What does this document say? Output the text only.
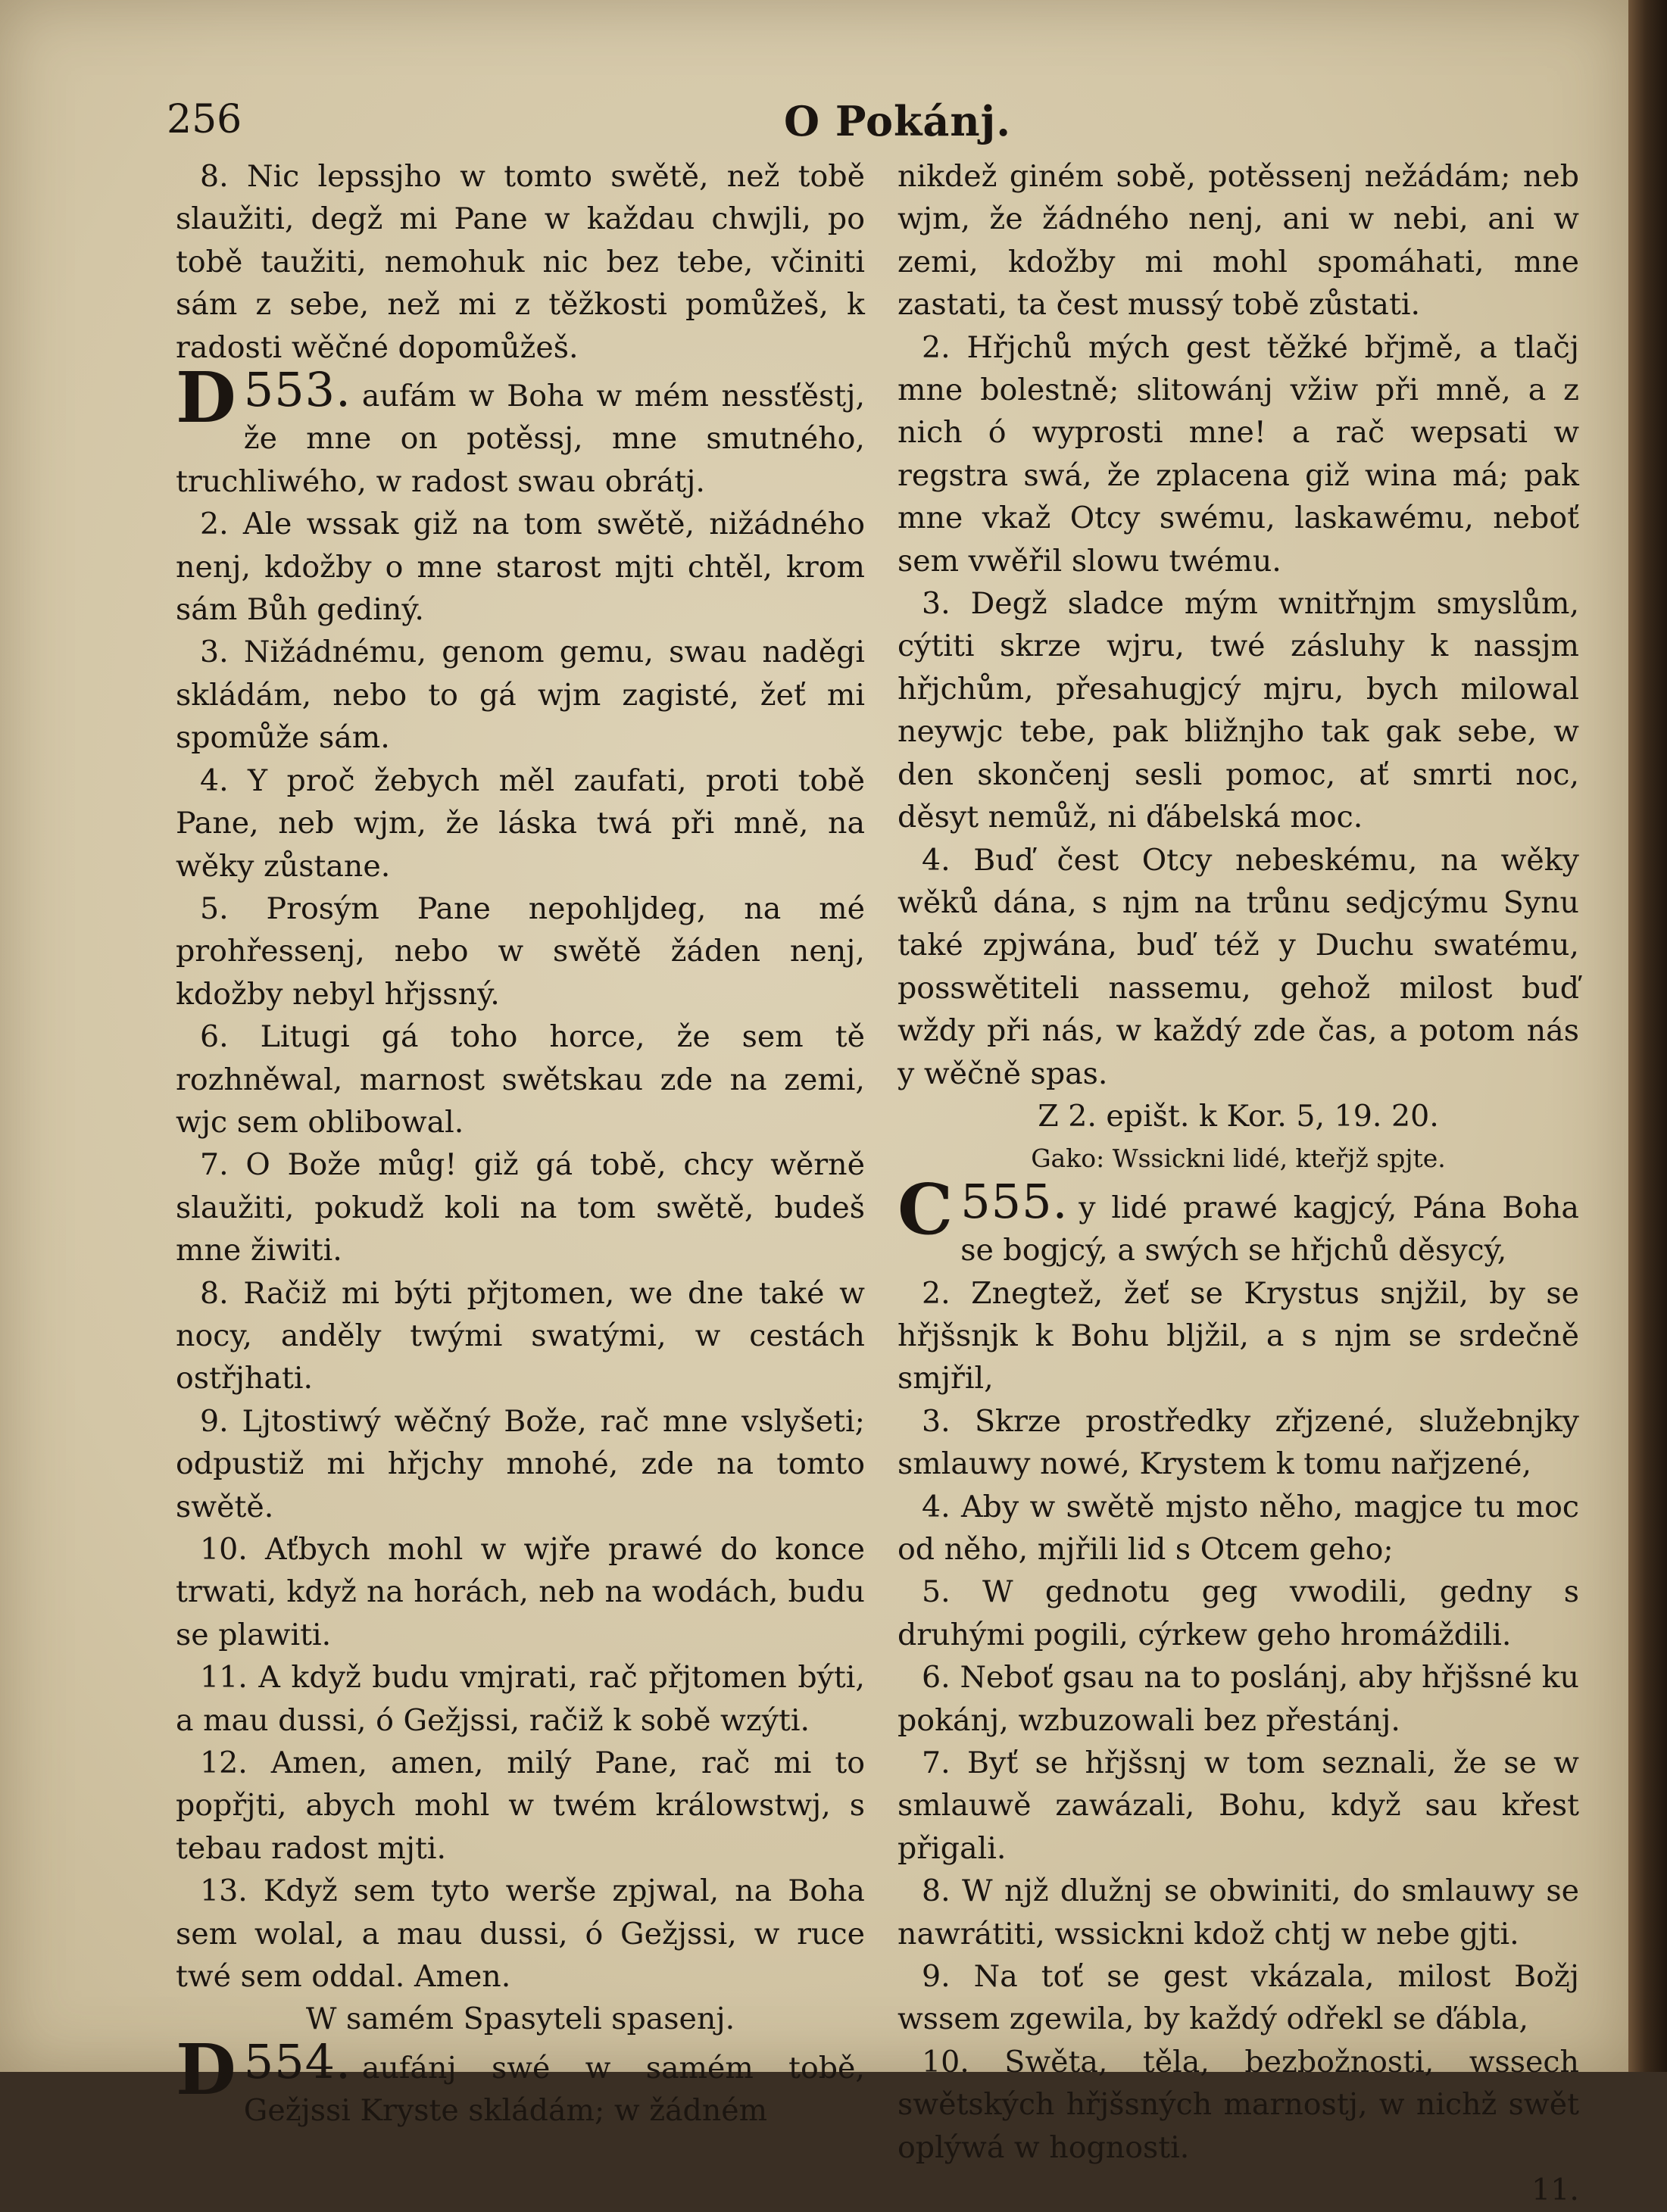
256	O Pokánj.

8. Nic lepssjho w tomto swětě, než tobě slaužiti, degž mi Pane w každau chwjli, po tobě taužiti, nemohuk nic bez tebe, včiniti sám z sebe, než mi z těžkosti pomůžeš, k radosti wěčné dopomůžeš.

553.
D	aufám w Boha w mém nessťěstj, že mne on potěssj, mne smutného, truchliwého, w radost swau obrátj.

2. Ale wssak giž na tom swětě, nižádného nenj, kdožby o mne starost mjti chtěl, krom sám Bůh gediný.

3. Nižádnému, genom gemu, swau naděgi skládám, nebo to gá wjm zagisté, žeť mi spomůže sám.

4. Y proč žebych měl zaufati, proti tobě Pane, neb wjm, že láska twá při mně, na wěky zůstane.

5. Prosým Pane nepohljdeg, na mé prohřessenj, nebo w swětě žáden nenj, kdožby nebyl hřjssný.

6. Litugi gá toho horce, že sem tě rozhněwal, marnost swětskau zde na zemi, wjc sem oblibowal.

7. O Bože můg! giž gá tobě, chcy wěrně slaužiti, pokudž koli na tom swětě, budeš mne žiwiti.

8. Račiž mi býti přjtomen, we dne také w nocy, anděly twými swatými, w cestách ostřjhati.

9. Ljtostiwý wěčný Bože, rač mne vslyšeti; odpustiž mi hřjchy mnohé, zde na tomto swětě.

10. Aťbych mohl w wjře prawé do konce trwati, když na horách, neb na wodách, budu se plawiti.

11. A když budu vmjrati, rač přjtomen býti, a mau dussi, ó Gežjssi, račiž k sobě wzýti.

12. Amen, amen, milý Pane, rač mi to popřjti, abych mohl w twém králowstwj, s tebau radost mjti.

13. Když sem tyto werše zpjwal, na Boha sem wolal, a mau dussi, ó Gežjssi, w ruce twé sem oddal. Amen.

W samém Spasyteli spasenj.

554.
D	aufánj swé w samém tobě, Gežjssi Kryste skládám; w žádném

nikdež giném sobě, potěssenj nežádám; neb wjm, že žádného nenj, ani w nebi, ani w zemi, kdožby mi mohl spomáhati, mne zastati, ta čest mussý tobě zůstati.

2. Hřjchů mých gest těžké břjmě, a tlačj mne bolestně; slitowánj vžiw při mně, a z nich ó wyprosti mne! a rač wepsati w regstra swá, že zplacena giž wina má; pak mne vkaž Otcy swému, laskawému, neboť sem vwěřil slowu twému.

3. Degž sladce mým wnitřnjm smyslům, cýtiti skrze wjru, twé zásluhy k nassjm hřjchům, přesahugjcý mjru, bych milowal neywjc tebe, pak bližnjho tak gak sebe, w den skončenj sesli pomoc, ať smrti noc, děsyt nemůž, ni ďábelská moc.

4. Buď čest Otcy nebeskému, na wěky wěků dána, s njm na trůnu sedjcýmu Synu také zpjwána, buď též y Duchu swatému, posswětiteli nassemu, gehož milost buď wždy při nás, w každý zde čas, a potom nás y wěčně spas.

Z 2. epišt. k Kor. 5, 19. 20.

Gako: Wssickni lidé, kteřjž spjte.

555.
C	y lidé prawé kagjcý, Pána Boha se bogjcý, a swých se hřjchů děsycý,

2. Znegtež, žeť se Krystus snjžil, by se hřjšsnjk k Bohu bljžil, a s njm se srdečně smjřil,

3. Skrze prostředky zřjzené, služebnjky smlauwy nowé, Krystem k tomu nařjzené,

4. Aby w swětě mjsto něho, magjce tu moc od něho, mjřili lid s Otcem geho;

5. W gednotu geg vwodili, gedny s druhými pogili, cýrkew geho hromáždili.

6. Neboť gsau na to poslánj, aby hřjšsné ku pokánj, wzbuzowali bez přestánj.

7. Byť se hřjšsnj w tom seznali, že se w smlauwě zawázali, Bohu, když sau křest přigali.

8. W njž dlužnj se obwiniti, do smlauwy se nawrátiti, wssickni kdož chtj w nebe gjti.

9. Na toť se gest vkázala, milost Božj wssem zgewila, by každý odřekl se ďábla,

10. Swěta, těla, bezbožnosti, wssech swětských hřjšsných marnostj, w nichž swět oplýwá w hognosti.

11.
